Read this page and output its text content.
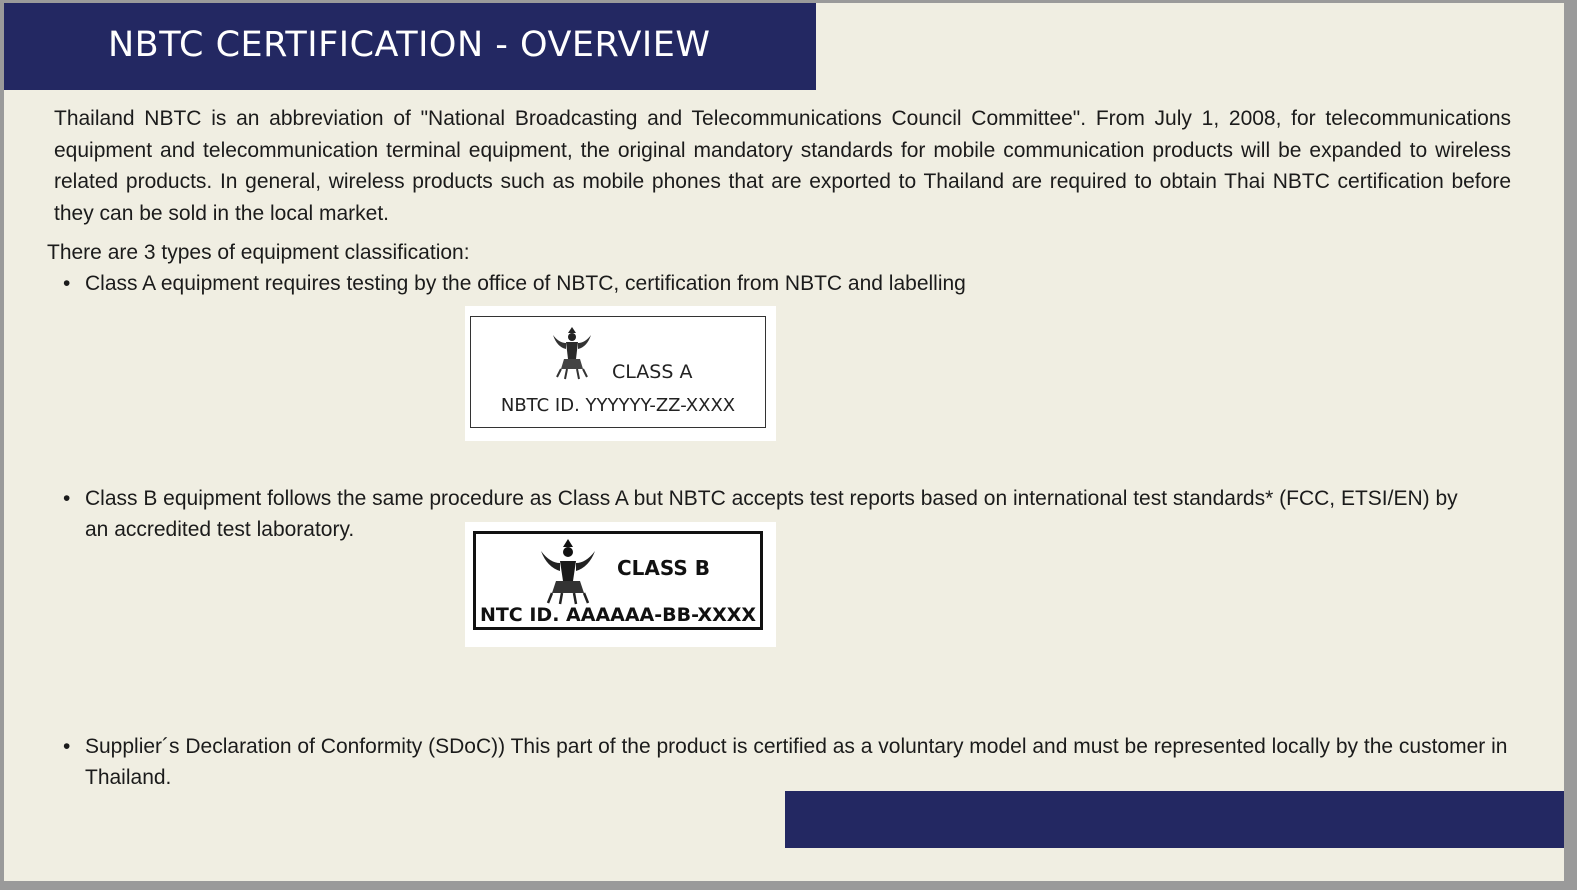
NBTC CERTIFICATION - OVERVIEW

Thailand NBTC is an abbreviation of "National Broadcasting and Telecommunications Council Committee". From July 1, 2008, for telecommunications equipment and telecommunication terminal equipment, the original mandatory standards for mobile communication products will be expanded to wireless related products. In general, wireless products such as mobile phones that are exported to Thailand are required to obtain Thai NBTC certification before they can be sold in the local market.

There are 3 types of equipment classification:

• Class A equipment requires testing by the office of NBTC, certification from NBTC and labelling

CLASS A
NBTC ID. YYYYYY-ZZ-XXXX

• Class B equipment follows the same procedure as Class A but NBTC accepts test reports based on international test standards* (FCC, ETSI/EN) by an accredited test laboratory.

CLASS B
NTC ID. AAAAAA-BB-XXXX

• Supplier´s Declaration of Conformity (SDoC)) This part of the product is certified as a voluntary model and must be represented locally by the customer in Thailand.
